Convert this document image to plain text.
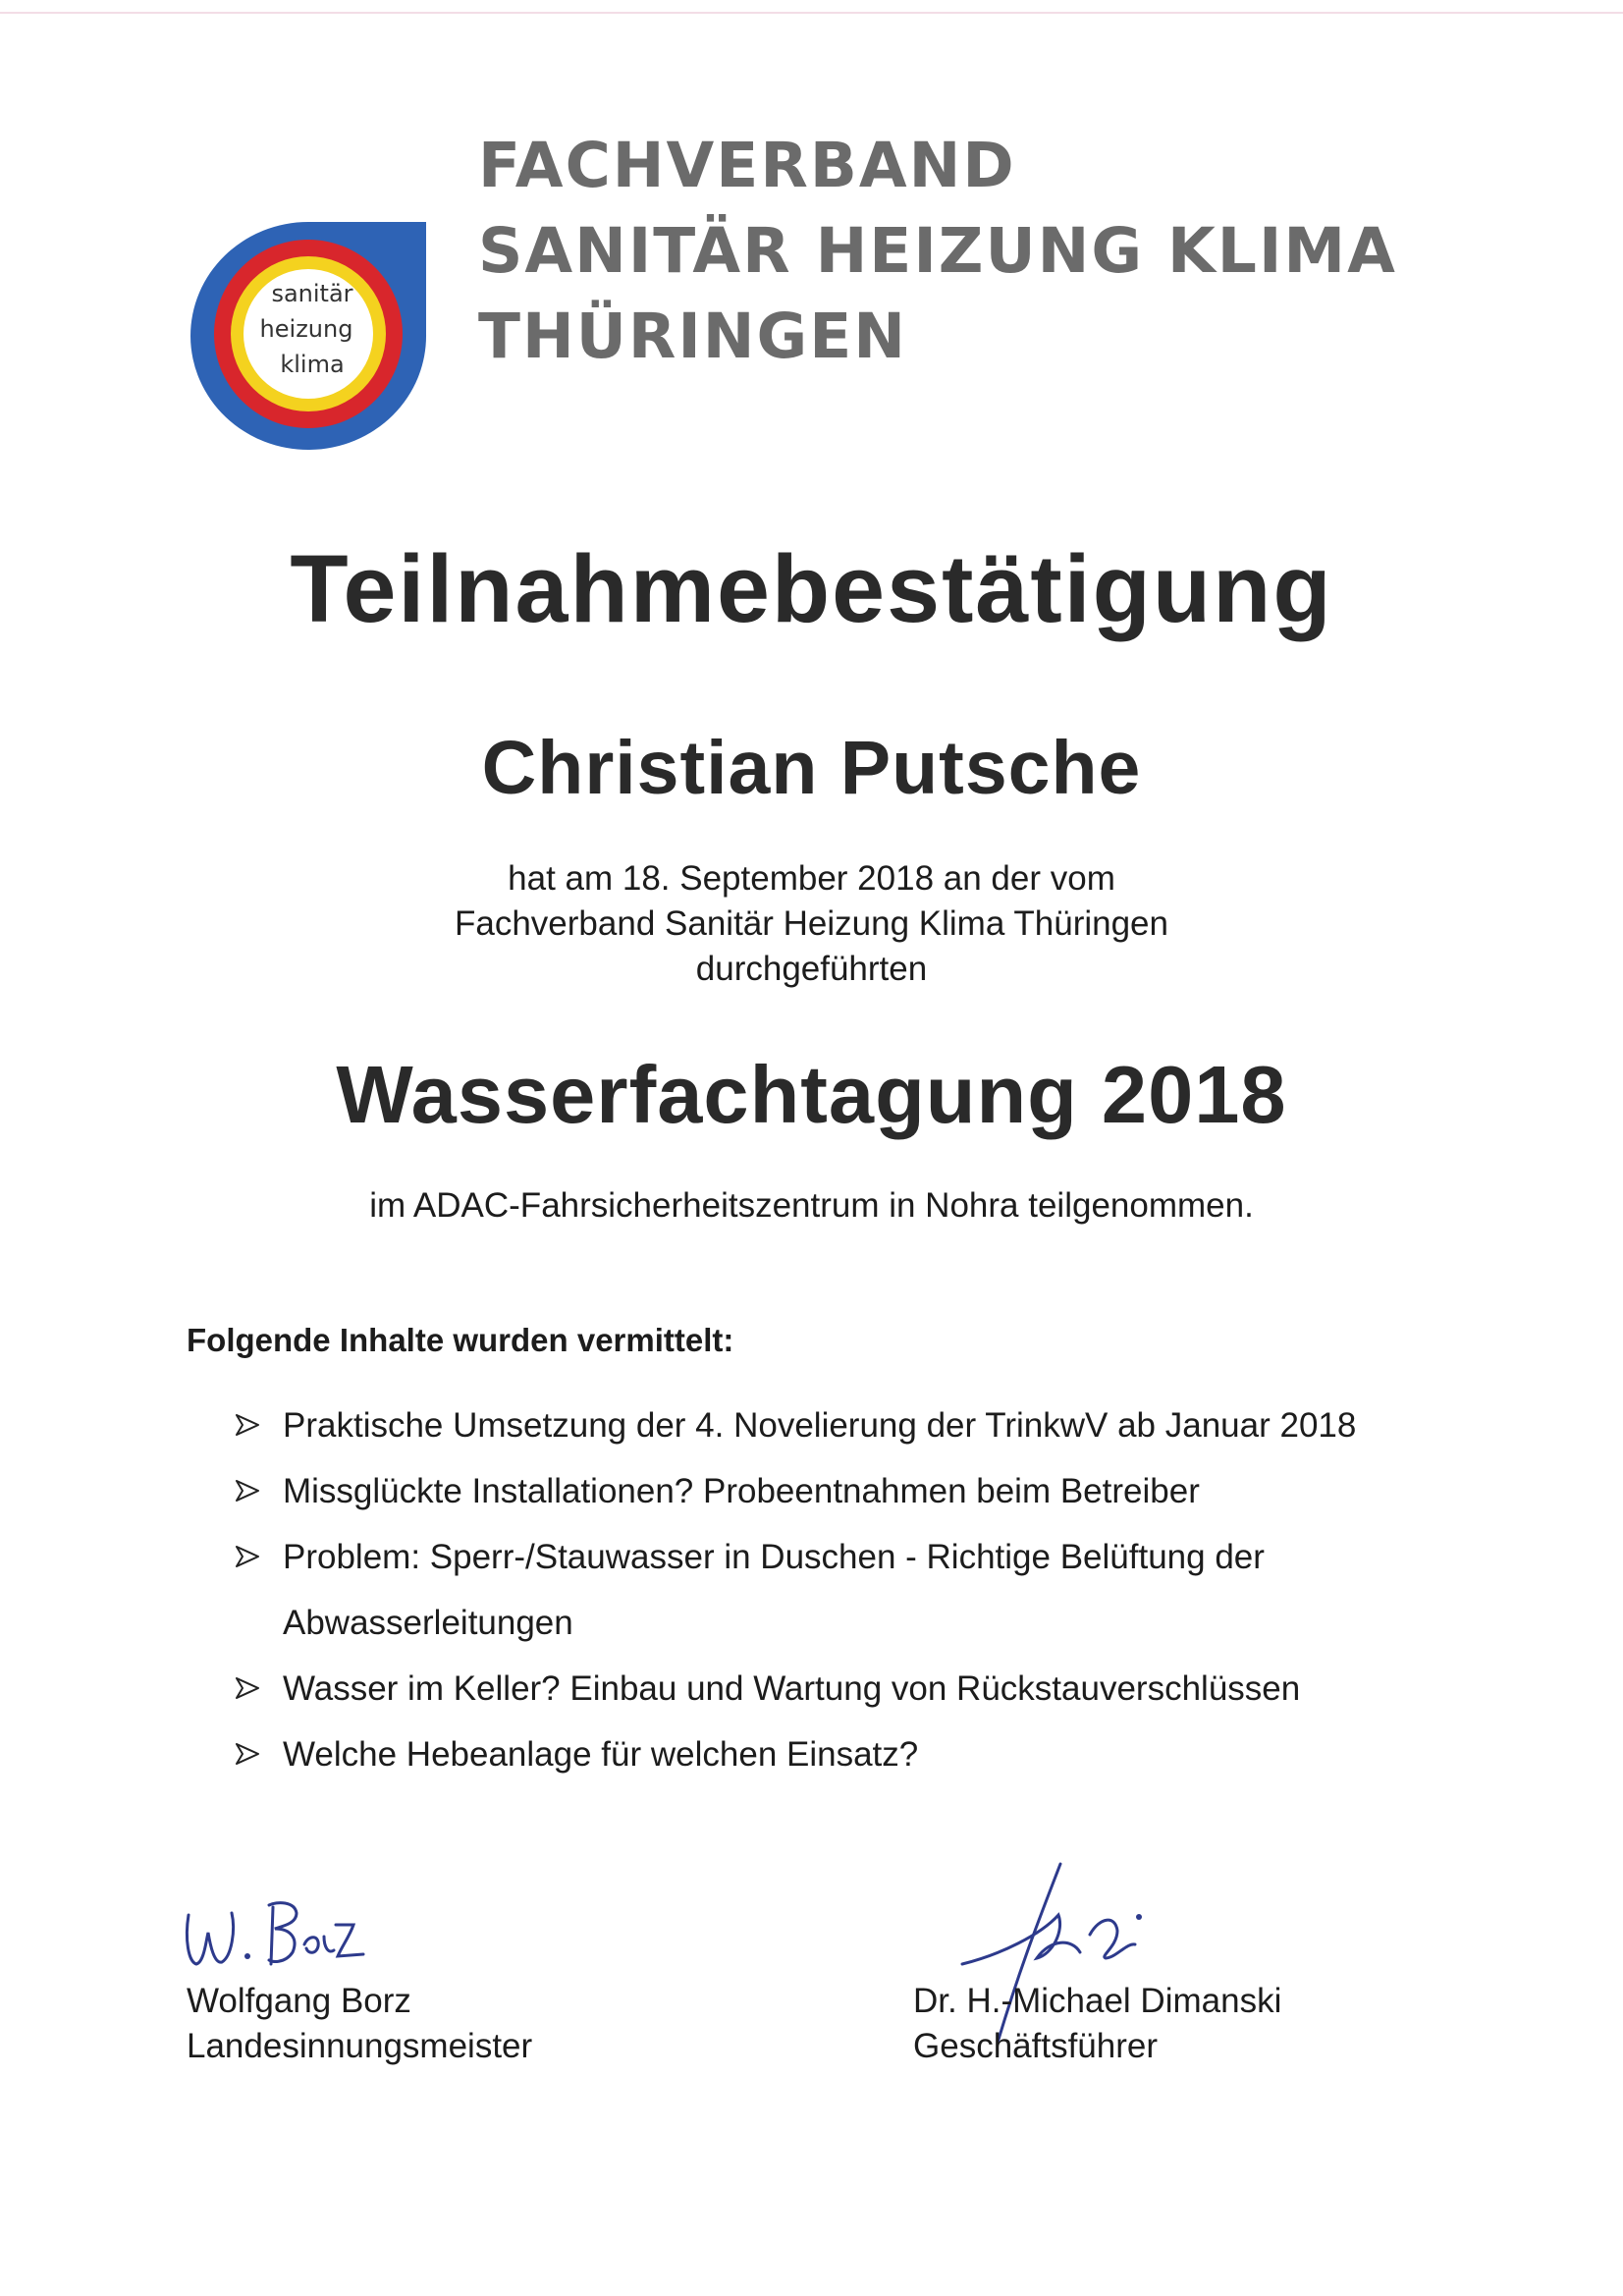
sanitär
heizung
klima
FACHVERBAND
SANITÄR HEIZUNG KLIMA
THÜRINGEN
Teilnahmebestätigung
Christian Putsche
hat am 18. September 2018 an der vom
Fachverband Sanitär Heizung Klima Thüringen
durchgeführten
Wasserfachtagung 2018
im ADAC-Fahrsicherheitszentrum in Nohra teilgenommen.
Folgende Inhalte wurden vermittelt:
Praktische Umsetzung der 4. Novelierung der TrinkwV ab Januar 2018
Missglückte Installationen? Probeentnahmen beim Betreiber
Problem: Sperr-/Stauwasser in Duschen - Richtige Belüftung der Abwasserleitungen
Wasser im Keller? Einbau und Wartung von Rückstauverschlüssen
Welche Hebeanlage für welchen Einsatz?
Wolfgang Borz
Landesinnungsmeister
Dr. H.-Michael Dimanski
Geschäftsführer
